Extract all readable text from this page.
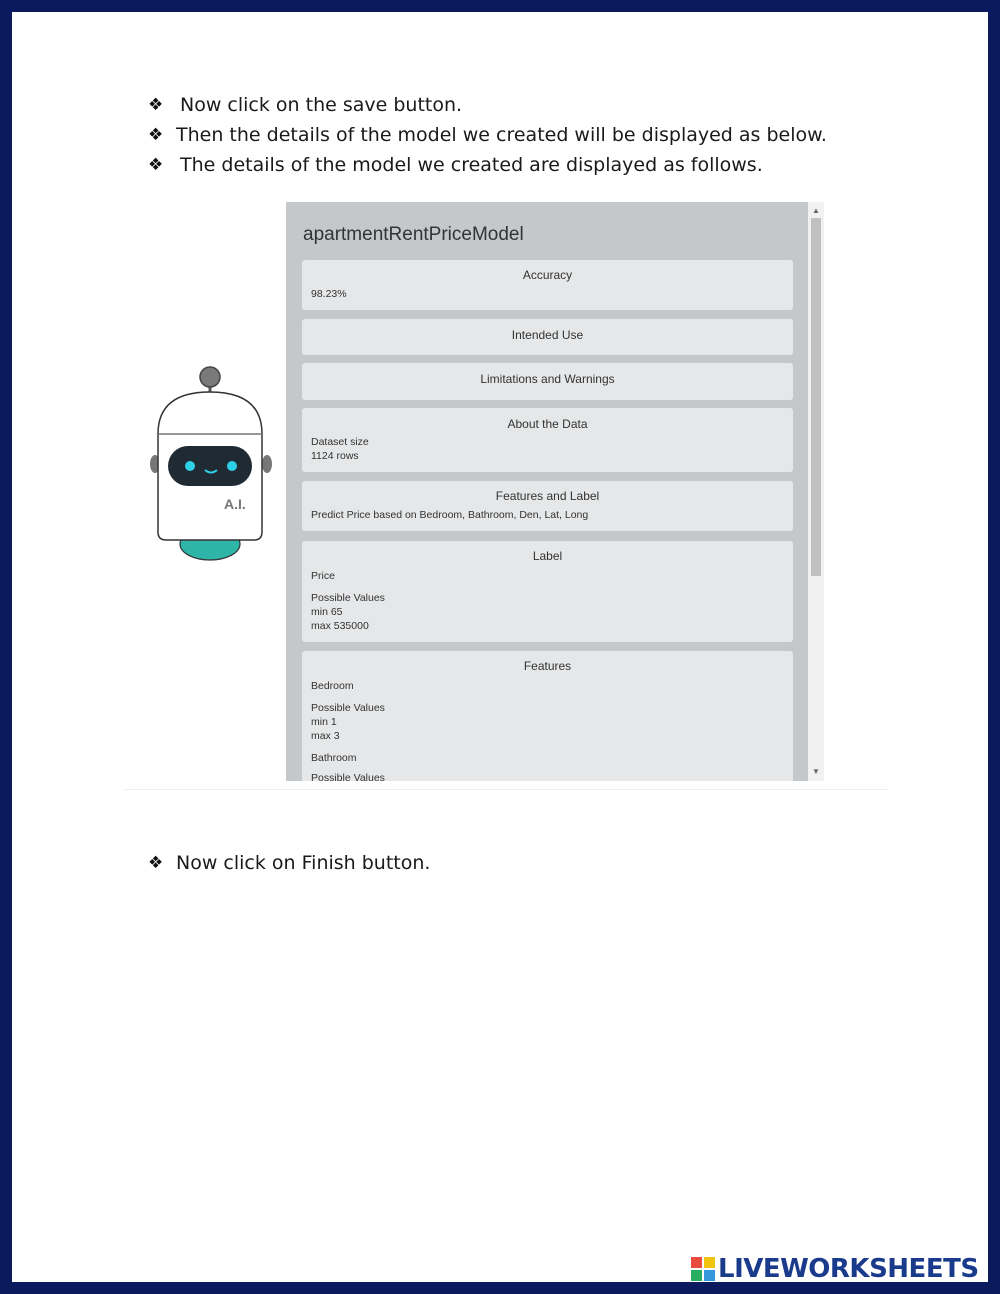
❖ Now click on the save button.
❖ Then the details of the model we created will be displayed as below.
❖ The details of the model we created are displayed as follows.
A.I.
apartmentRentPriceModel
Accuracy
98.23%
Intended Use
Limitations and Warnings
About the Data
Dataset size
1124 rows
Features and Label
Predict Price based on Bedroom, Bathroom, Den, Lat, Long
Label
Price
Possible Values
min 65
max 535000
Features
Bedroom
Possible Values
min 1
max 3
Bathroom
Possible Values
▲
▼
❖ Now click on Finish button.
LIVEWORKSHEETS
